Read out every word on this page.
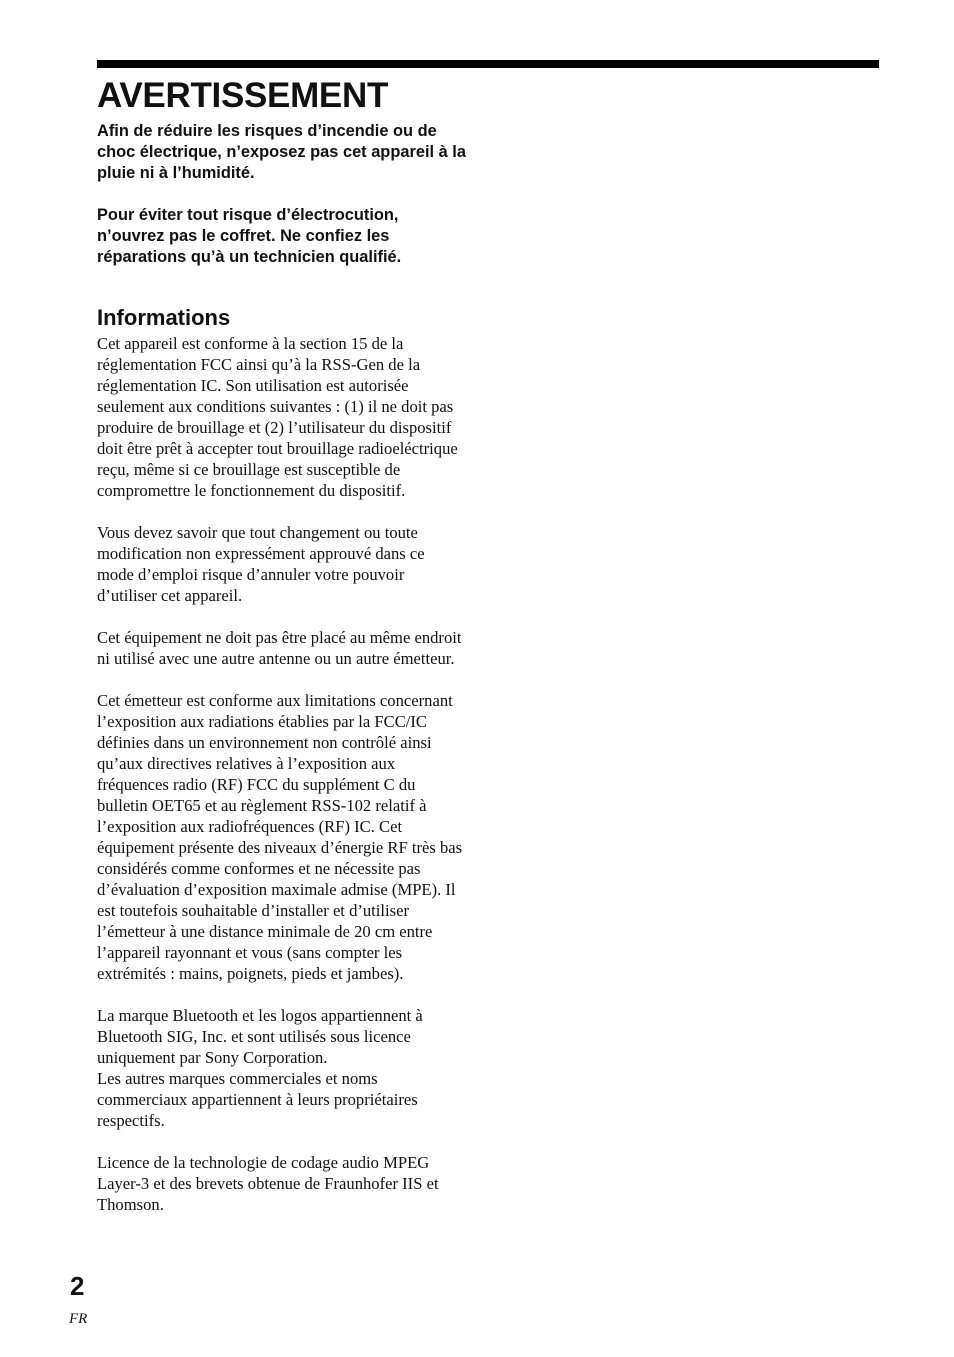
AVERTISSEMENT

Afin de réduire les risques d’incendie ou de choc électrique, n’exposez pas cet appareil à la pluie ni à l’humidité.

Pour éviter tout risque d’électrocution, n’ouvrez pas le coffret. Ne confiez les réparations qu’à un technicien qualifié.

Informations

Cet appareil est conforme à la section 15 de la réglementation FCC ainsi qu’à la RSS-Gen de la réglementation IC. Son utilisation est autorisée seulement aux conditions suivantes : (1) il ne doit pas produire de brouillage et (2) l’utilisateur du dispositif doit être prêt à accepter tout brouillage radioeléctrique reçu, même si ce brouillage est susceptible de compromettre le fonctionnement du dispositif.

Vous devez savoir que tout changement ou toute modification non expressément approuvé dans ce mode d’emploi risque d’annuler votre pouvoir d’utiliser cet appareil.

Cet équipement ne doit pas être placé au même endroit ni utilisé avec une autre antenne ou un autre émetteur.

Cet émetteur est conforme aux limitations concernant l’exposition aux radiations établies par la FCC/IC définies dans un environnement non contrôlé ainsi qu’aux directives relatives à l’exposition aux fréquences radio (RF) FCC du supplément C du bulletin OET65 et au règlement RSS-102 relatif à l’exposition aux radiofréquences (RF) IC. Cet équipement présente des niveaux d’énergie RF très bas considérés comme conformes et ne nécessite pas d’évaluation d’exposition maximale admise (MPE). Il est toutefois souhaitable d’installer et d’utiliser l’émetteur à une distance minimale de 20 cm entre l’appareil rayonnant et vous (sans compter les extrémités : mains, poignets, pieds et jambes).

La marque Bluetooth et les logos appartiennent à Bluetooth SIG, Inc. et sont utilisés sous licence uniquement par Sony Corporation.

Les autres marques commerciales et noms commerciaux appartiennent à leurs propriétaires respectifs.

Licence de la technologie de codage audio MPEG Layer-3 et des brevets obtenue de Fraunhofer IIS et Thomson.

2
FR
